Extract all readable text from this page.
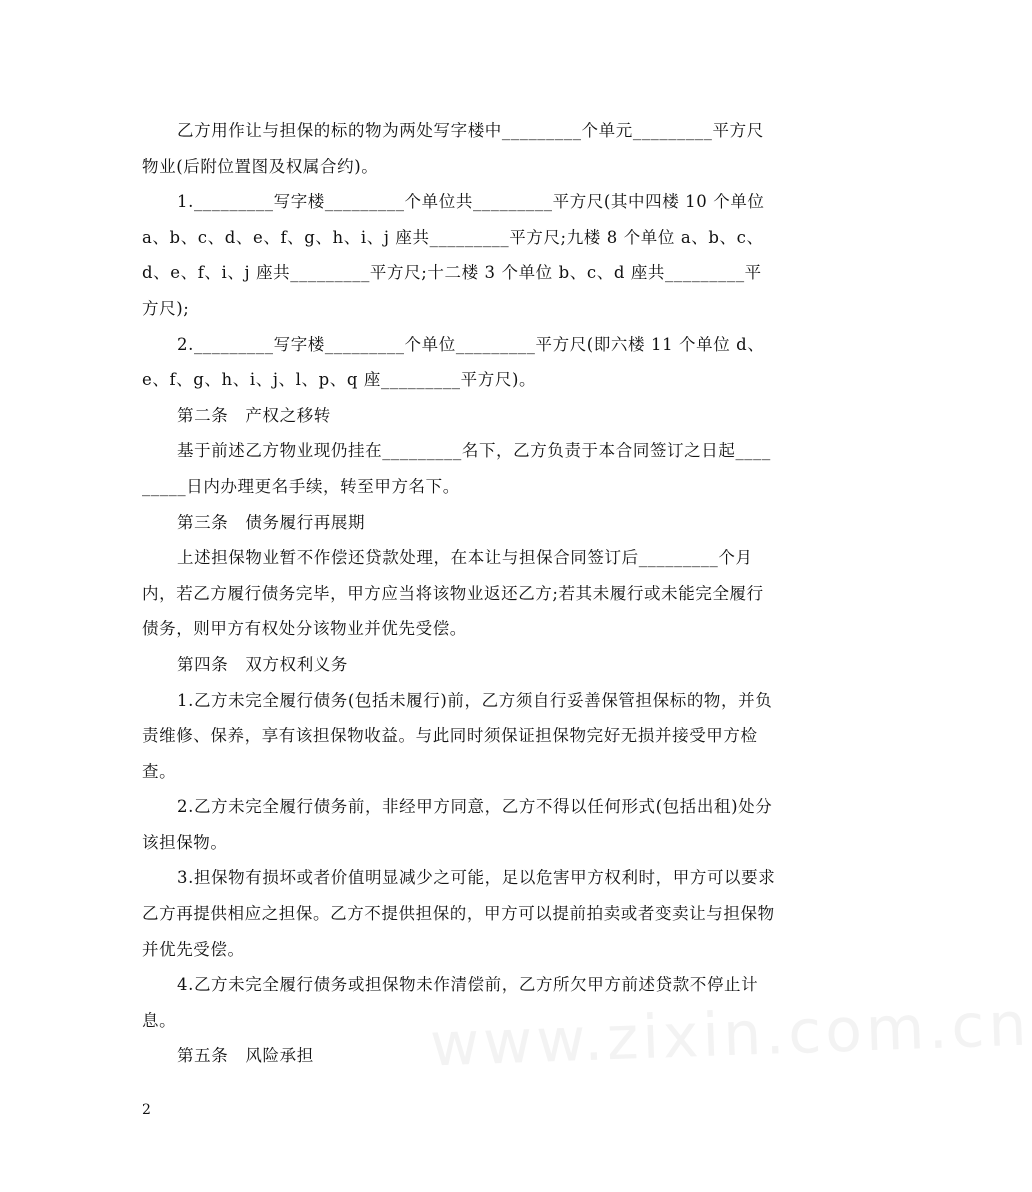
www.zixin.com.cn

乙方用作让与担保的标的物为两处写字楼中_________个单元_________平方尺物业(后附位置图及权属合约)。

1._________写字楼_________个单位共_________平方尺(其中四楼 10 个单位 a、b、c、d、e、f、g、h、i、j 座共_________平方尺;九楼 8 个单位 a、b、c、d、e、f、i、j 座共_________平方尺;十二楼 3 个单位 b、c、d 座共_________平方尺);

2._________写字楼_________个单位_________平方尺(即六楼 11 个单位 d、e、f、g、h、i、j、l、p、q 座_________平方尺)。

第二条　产权之移转

基于前述乙方物业现仍挂在_________名下，乙方负责于本合同签订之日起_________日内办理更名手续，转至甲方名下。

第三条　债务履行再展期

上述担保物业暂不作偿还贷款处理，在本让与担保合同签订后_________个月内，若乙方履行债务完毕，甲方应当将该物业返还乙方;若其未履行或未能完全履行债务，则甲方有权处分该物业并优先受偿。

第四条　双方权利义务

1.乙方未完全履行债务(包括未履行)前，乙方须自行妥善保管担保标的物，并负责维修、保养，享有该担保物收益。与此同时须保证担保物完好无损并接受甲方检查。

2.乙方未完全履行债务前，非经甲方同意，乙方不得以任何形式(包括出租)处分该担保物。

3.担保物有损坏或者价值明显减少之可能，足以危害甲方权利时，甲方可以要求乙方再提供相应之担保。乙方不提供担保的，甲方可以提前拍卖或者变卖让与担保物并优先受偿。

4.乙方未完全履行债务或担保物未作清偿前，乙方所欠甲方前述贷款不停止计息。

第五条　风险承担

2
